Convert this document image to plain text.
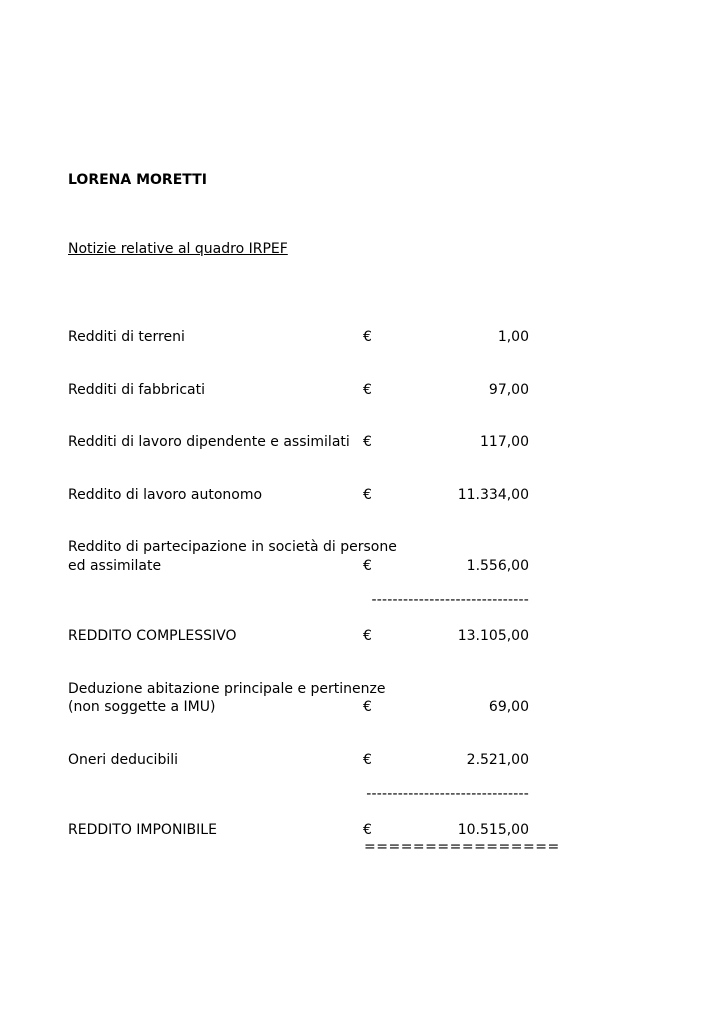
LORENA MORETTI
Notizie relative al quadro IRPEF
Redditi di terreni	€	1,00
Redditi di fabbricati	€	97,00
Redditi di lavoro dipendente e assimilati €	117,00
Reddito di lavoro autonomo	€	11.334,00
Reddito di partecipazione in società di persone
ed assimilate	€	1.556,00
------------------------------
REDDITO COMPLESSIVO	€	13.105,00
Deduzione abitazione principale e pertinenze
(non soggette a IMU)	€	69,00
Oneri deducibili	€	2.521,00
-------------------------------
REDDITO IMPONIBILE	€	10.515,00
================
